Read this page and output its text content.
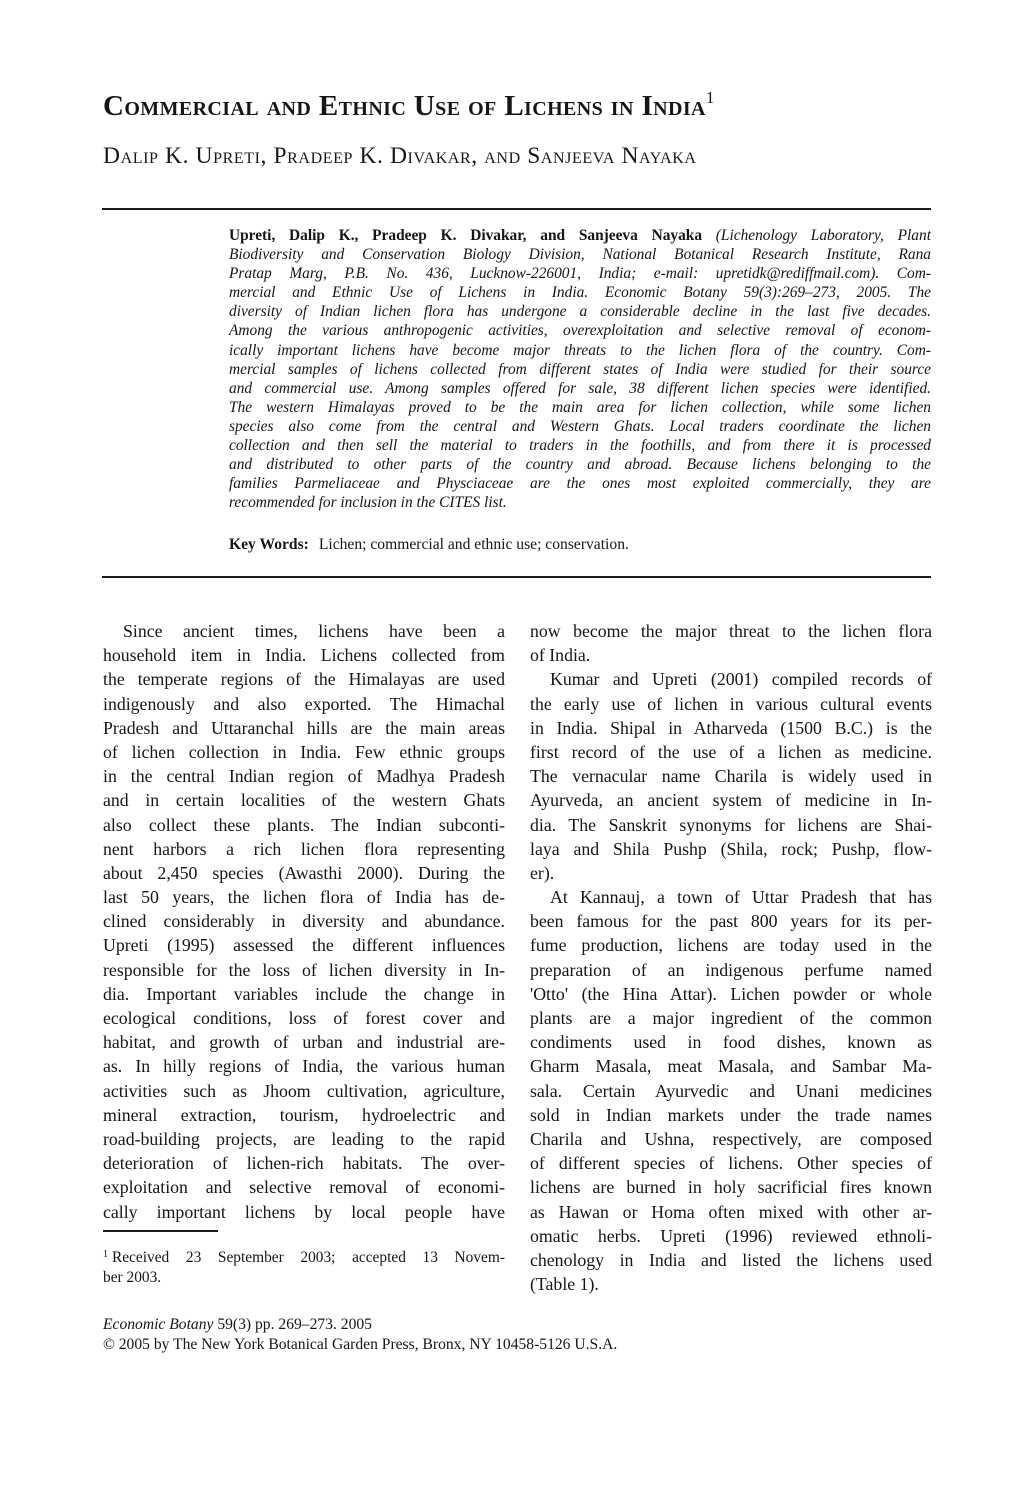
Commercial and Ethnic Use of Lichens in India$^1$
Dalip K. Upreti, Pradeep K. Divakar, and Sanjeeva Nayaka
Upreti, Dalip K., Pradeep K. Divakar, and Sanjeeva Nayaka (Lichenology Laboratory, Plant
Biodiversity and Conservation Biology Division, National Botanical Research Institute, Rana
Pratap Marg, P.B. No. 436, Lucknow-226001, India; e-mail: upretidk@rediffmail.com). Com-
mercial and Ethnic Use of Lichens in India. Economic Botany 59(3):269–273, 2005. The
diversity of Indian lichen flora has undergone a considerable decline in the last five decades.
Among the various anthropogenic activities, overexploitation and selective removal of econom-
ically important lichens have become major threats to the lichen flora of the country. Com-
mercial samples of lichens collected from different states of India were studied for their source
and commercial use. Among samples offered for sale, 38 different lichen species were identified.
The western Himalayas proved to be the main area for lichen collection, while some lichen
species also come from the central and Western Ghats. Local traders coordinate the lichen
collection and then sell the material to traders in the foothills, and from there it is processed
and distributed to other parts of the country and abroad. Because lichens belonging to the
families Parmeliaceae and Physciaceae are the ones most exploited commercially, they are
recommended for inclusion in the CITES list.
Key Words: Lichen; commercial and ethnic use; conservation.
Since ancient times, lichens have been a
household item in India. Lichens collected from
the temperate regions of the Himalayas are used
indigenously and also exported. The Himachal
Pradesh and Uttaranchal hills are the main areas
of lichen collection in India. Few ethnic groups
in the central Indian region of Madhya Pradesh
and in certain localities of the western Ghats
also collect these plants. The Indian subconti-
nent harbors a rich lichen flora representing
about 2,450 species (Awasthi 2000). During the
last 50 years, the lichen flora of India has de-
clined considerably in diversity and abundance.
Upreti (1995) assessed the different influences
responsible for the loss of lichen diversity in In-
dia. Important variables include the change in
ecological conditions, loss of forest cover and
habitat, and growth of urban and industrial are-
as. In hilly regions of India, the various human
activities such as Jhoom cultivation, agriculture,
mineral extraction, tourism, hydroelectric and
road-building projects, are leading to the rapid
deterioration of lichen-rich habitats. The over-
exploitation and selective removal of economi-
cally important lichens by local people have
now become the major threat to the lichen flora
of India.
Kumar and Upreti (2001) compiled records of
the early use of lichen in various cultural events
in India. Shipal in Atharveda (1500 B.C.) is the
first record of the use of a lichen as medicine.
The vernacular name Charila is widely used in
Ayurveda, an ancient system of medicine in In-
dia. The Sanskrit synonyms for lichens are Shai-
laya and Shila Pushp (Shila, rock; Pushp, flow-
er).
At Kannauj, a town of Uttar Pradesh that has
been famous for the past 800 years for its per-
fume production, lichens are today used in the
preparation of an indigenous perfume named
'Otto' (the Hina Attar). Lichen powder or whole
plants are a major ingredient of the common
condiments used in food dishes, known as
Gharm Masala, meat Masala, and Sambar Ma-
sala. Certain Ayurvedic and Unani medicines
sold in Indian markets under the trade names
Charila and Ushna, respectively, are composed
of different species of lichens. Other species of
lichens are burned in holy sacrificial fires known
as Hawan or Homa often mixed with other ar-
omatic herbs. Upreti (1996) reviewed ethnoli-
chenology in India and listed the lichens used
(Table 1).
$^1$ Received 23 September 2003; accepted 13 Novem-
ber 2003.
Economic Botany 59(3) pp. 269–273. 2005
© 2005 by The New York Botanical Garden Press, Bronx, NY 10458-5126 U.S.A.
